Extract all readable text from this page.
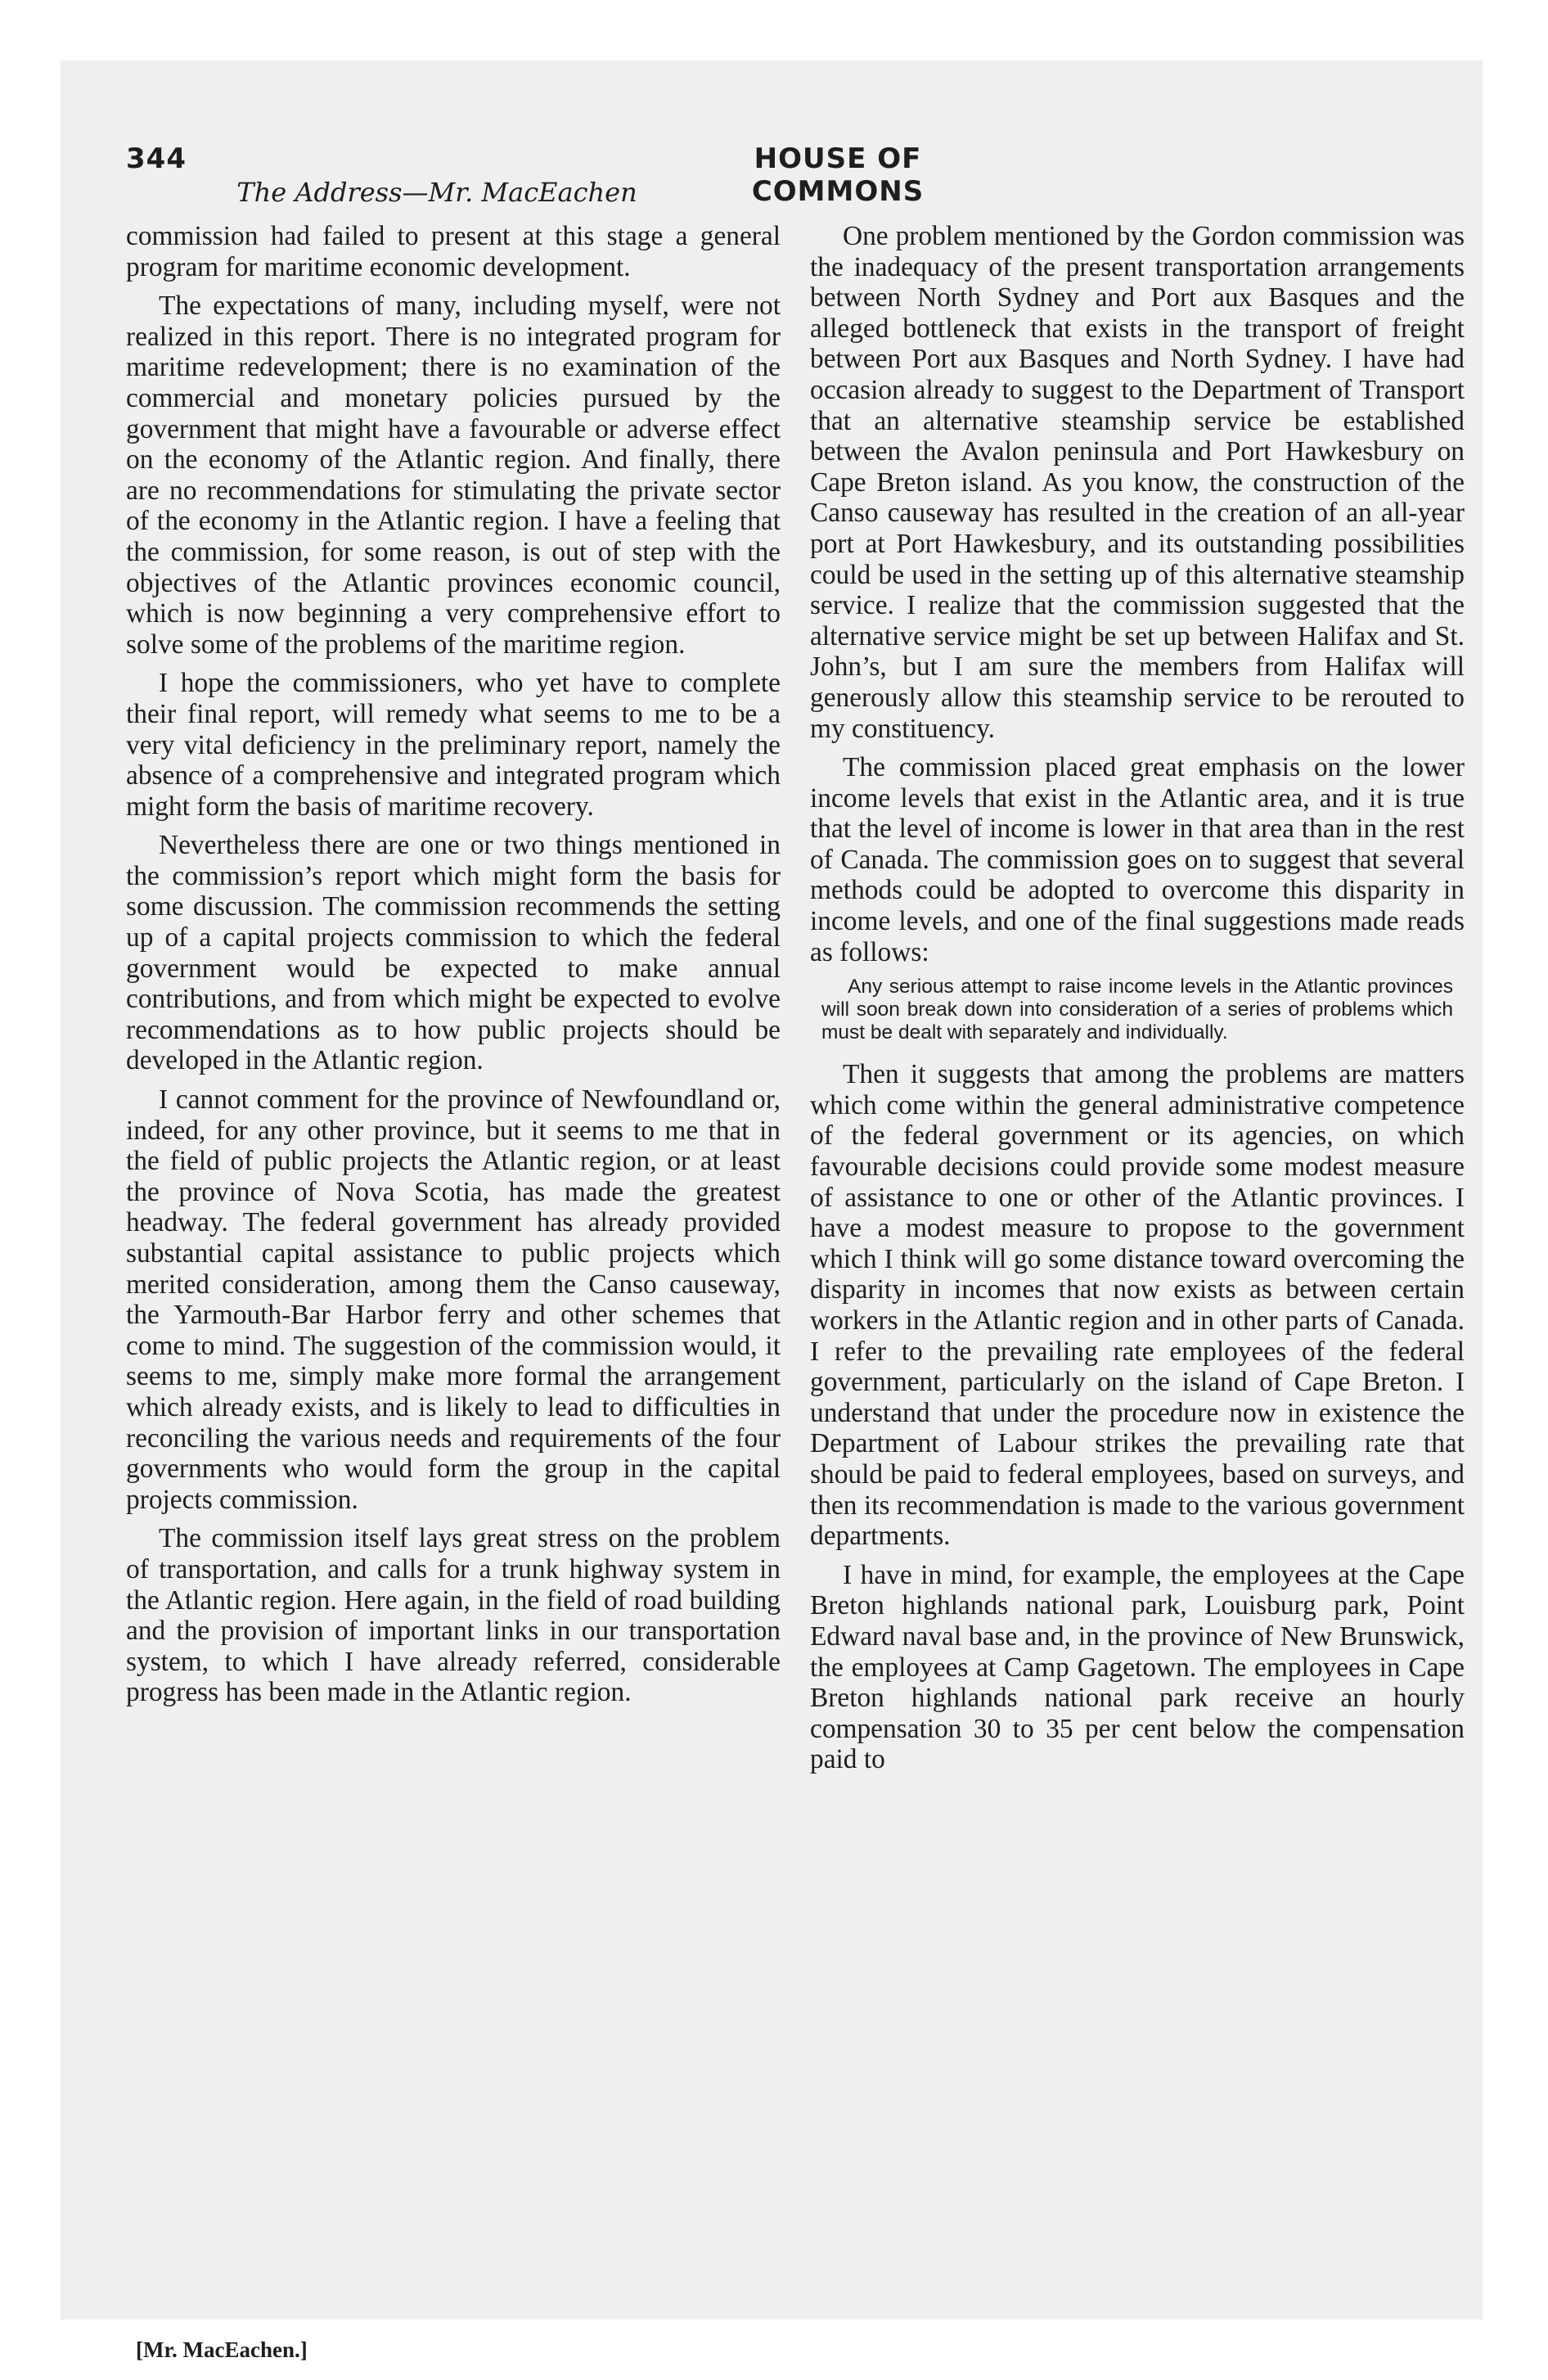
344	HOUSE OF COMMONS
The Address—Mr. MacEachen

commission had failed to present at this stage a general program for maritime economic development.

The expectations of many, including myself, were not realized in this report. There is no integrated program for maritime redevelopment; there is no examination of the commercial and monetary policies pursued by the government that might have a favourable or adverse effect on the economy of the Atlantic region. And finally, there are no recommendations for stimulating the private sector of the economy in the Atlantic region. I have a feeling that the commission, for some reason, is out of step with the objectives of the Atlantic provinces economic council, which is now beginning a very comprehensive effort to solve some of the problems of the maritime region.

I hope the commissioners, who yet have to complete their final report, will remedy what seems to me to be a very vital deficiency in the preliminary report, namely the absence of a comprehensive and integrated program which might form the basis of maritime recovery.

Nevertheless there are one or two things mentioned in the commission’s report which might form the basis for some discussion. The commission recommends the setting up of a capital projects commission to which the federal government would be expected to make annual contributions, and from which might be expected to evolve recommendations as to how public projects should be developed in the Atlantic region.

I cannot comment for the province of Newfoundland or, indeed, for any other province, but it seems to me that in the field of public projects the Atlantic region, or at least the province of Nova Scotia, has made the greatest headway. The federal government has already provided substantial capital assistance to public projects which merited consideration, among them the Canso causeway, the Yarmouth-Bar Harbor ferry and other schemes that come to mind. The suggestion of the commission would, it seems to me, simply make more formal the arrangement which already exists, and is likely to lead to difficulties in reconciling the various needs and requirements of the four governments who would form the group in the capital projects commission.

The commission itself lays great stress on the problem of transportation, and calls for a trunk highway system in the Atlantic region. Here again, in the field of road building and the provision of important links in our transportation system, to which I have already referred, considerable progress has been made in the Atlantic region.

One problem mentioned by the Gordon commission was the inadequacy of the present transportation arrangements between North Sydney and Port aux Basques and the alleged bottleneck that exists in the transport of freight between Port aux Basques and North Sydney. I have had occasion already to suggest to the Department of Transport that an alternative steamship service be established between the Avalon peninsula and Port Hawkesbury on Cape Breton island. As you know, the construction of the Canso causeway has resulted in the creation of an all-year port at Port Hawkesbury, and its outstanding possibilities could be used in the setting up of this alternative steamship service. I realize that the commission suggested that the alternative service might be set up between Halifax and St. John’s, but I am sure the members from Halifax will generously allow this steamship service to be rerouted to my constituency.

The commission placed great emphasis on the lower income levels that exist in the Atlantic area, and it is true that the level of income is lower in that area than in the rest of Canada. The commission goes on to suggest that several methods could be adopted to overcome this disparity in income levels, and one of the final suggestions made reads as follows:

Any serious attempt to raise income levels in the Atlantic provinces will soon break down into consideration of a series of problems which must be dealt with separately and individually.

Then it suggests that among the problems are matters which come within the general administrative competence of the federal government or its agencies, on which favourable decisions could provide some modest measure of assistance to one or other of the Atlantic provinces. I have a modest measure to propose to the government which I think will go some distance toward overcoming the disparity in incomes that now exists as between certain workers in the Atlantic region and in other parts of Canada. I refer to the prevailing rate employees of the federal government, particularly on the island of Cape Breton. I understand that under the procedure now in existence the Department of Labour strikes the prevailing rate that should be paid to federal employees, based on surveys, and then its recommendation is made to the various government departments.

I have in mind, for example, the employees at the Cape Breton highlands national park, Louisburg park, Point Edward naval base and, in the province of New Brunswick, the employees at Camp Gagetown. The employees in Cape Breton highlands national park receive an hourly compensation 30 to 35 per cent below the compensation paid to

[Mr. MacEachen.]
